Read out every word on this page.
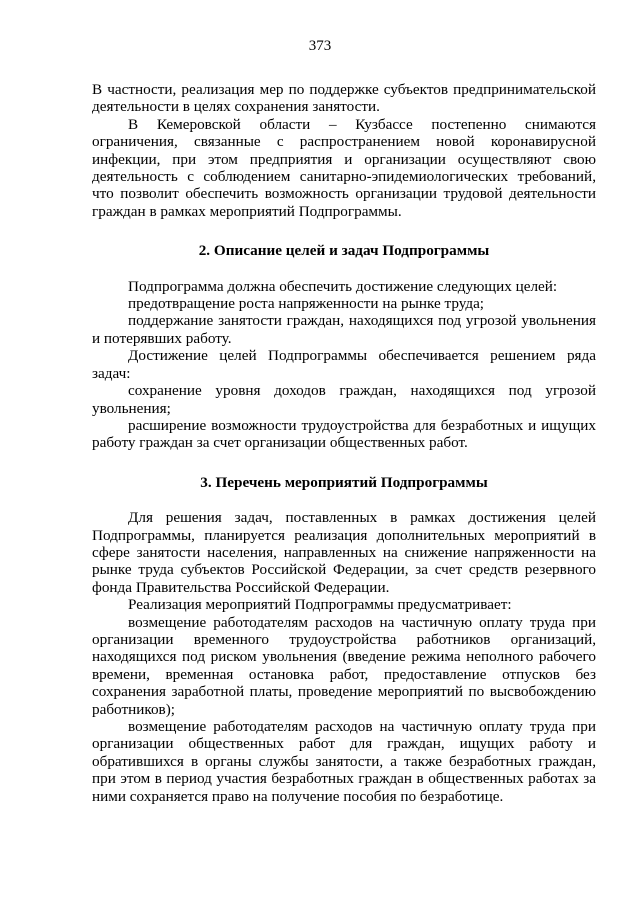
373

В частности, реализация мер по поддержке субъектов предпринимательской деятельности в целях сохранения занятости.

В Кемеровской области – Кузбассе постепенно снимаются ограничения, связанные с распространением новой коронавирусной инфекции, при этом предприятия и организации осуществляют свою деятельность с соблюдением санитарно-эпидемиологических требований, что позволит обеспечить возможность организации трудовой деятельности граждан в рамках мероприятий Подпрограммы.

2. Описание целей и задач Подпрограммы

Подпрограмма должна обеспечить достижение следующих целей:

предотвращение роста напряженности на рынке труда;

поддержание занятости граждан, находящихся под угрозой увольнения и потерявших работу.

Достижение целей Подпрограммы обеспечивается решением ряда задач:

сохранение уровня доходов граждан, находящихся под угрозой увольнения;

расширение возможности трудоустройства для безработных и ищущих работу граждан за счет организации общественных работ.

3. Перечень мероприятий Подпрограммы

Для решения задач, поставленных в рамках достижения целей Подпрограммы, планируется реализация дополнительных мероприятий в сфере занятости населения, направленных на снижение напряженности на рынке труда субъектов Российской Федерации, за счет средств резервного фонда Правительства Российской Федерации.

Реализация мероприятий Подпрограммы предусматривает:

возмещение работодателям расходов на частичную оплату труда при организации временного трудоустройства работников организаций, находящихся под риском увольнения (введение режима неполного рабочего времени, временная остановка работ, предоставление отпусков без сохранения заработной платы, проведение мероприятий по высвобождению работников);

возмещение работодателям расходов на частичную оплату труда при организации общественных работ для граждан, ищущих работу и обратившихся в органы службы занятости, а также безработных граждан, при этом в период участия безработных граждан в общественных работах за ними сохраняется право на получение пособия по безработице.
